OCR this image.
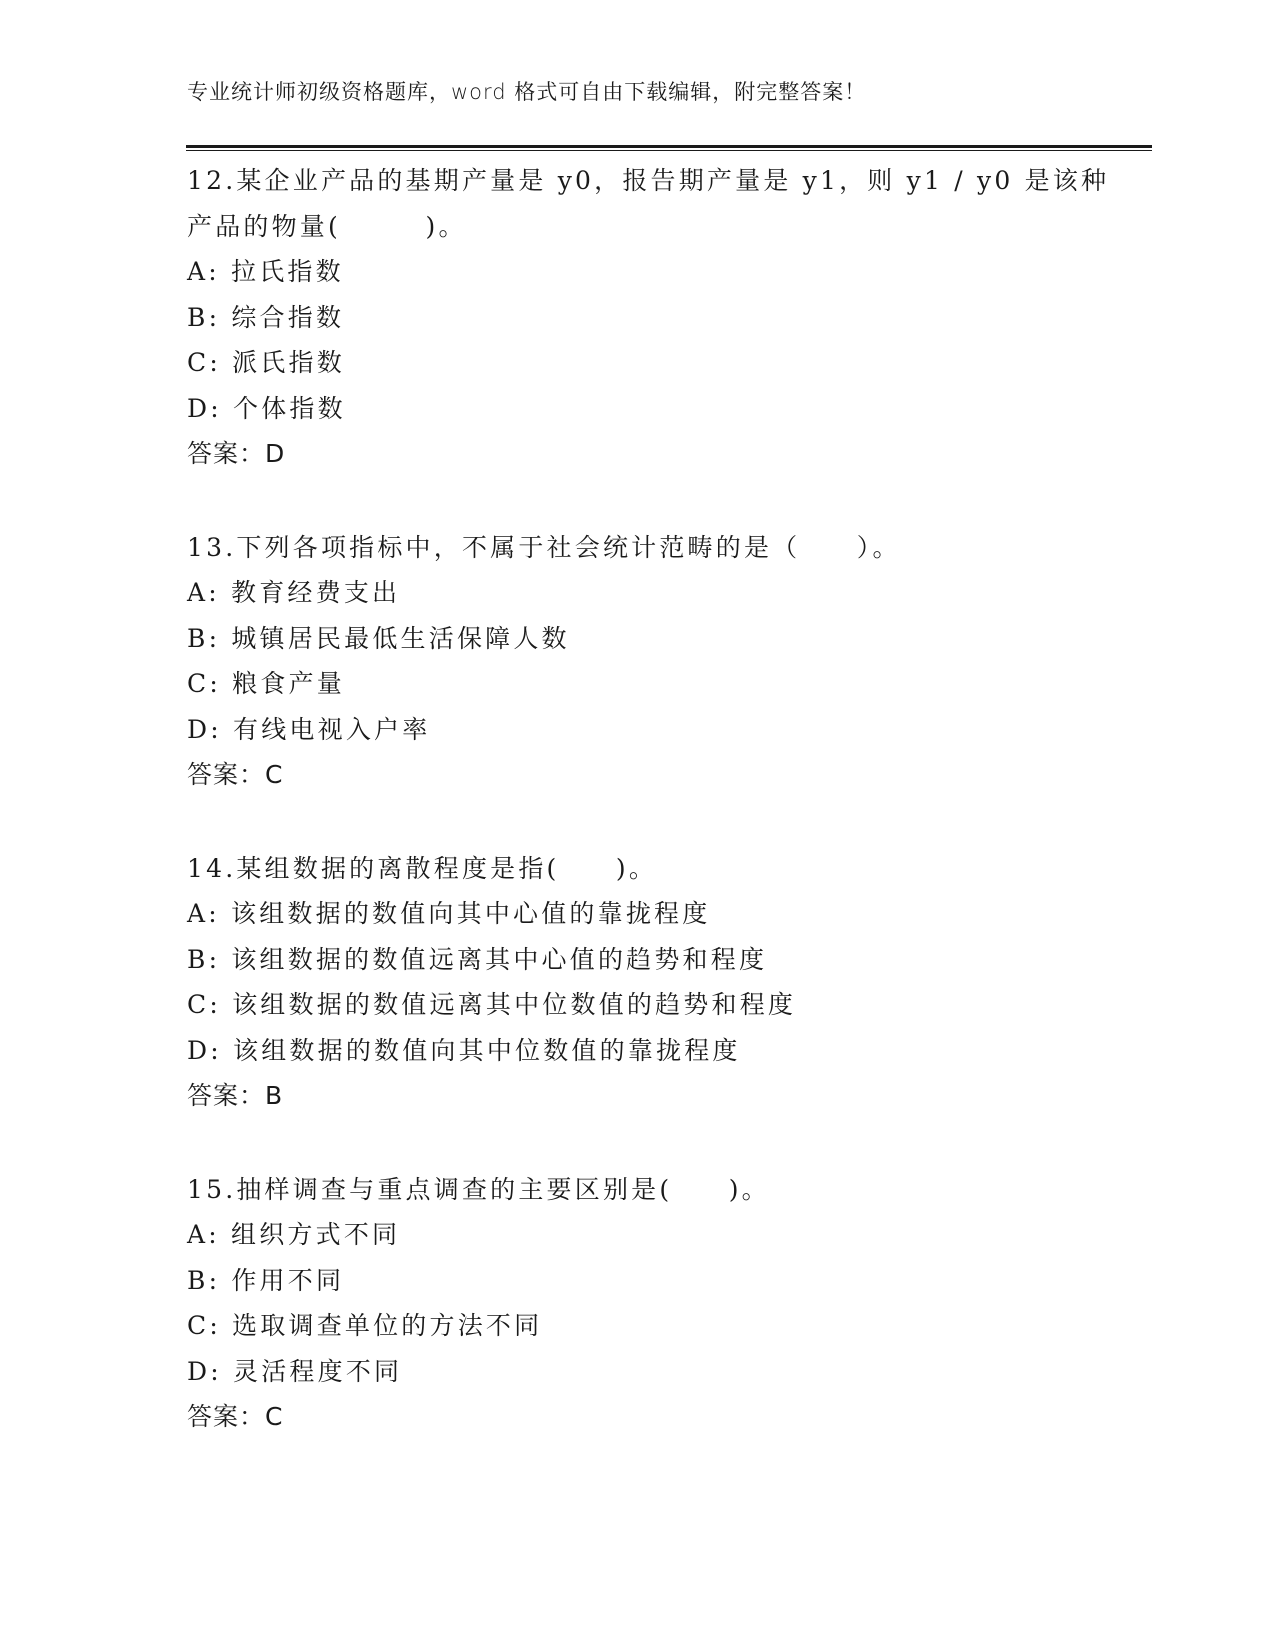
专业统计师初级资格题库，word 格式可自由下载编辑，附完整答案！
12.某企业产品的基期产量是 y0，报告期产量是 y1，则 y1 / y0 是该种
产品的物量(　　　)。
A: 拉氏指数
B: 综合指数
C: 派氏指数
D: 个体指数
答案：D
13.下列各项指标中，不属于社会统计范畴的是（　　）。
A: 教育经费支出
B: 城镇居民最低生活保障人数
C: 粮食产量
D: 有线电视入户率
答案：C
14.某组数据的离散程度是指(　　)。
A: 该组数据的数值向其中心值的靠拢程度
B: 该组数据的数值远离其中心值的趋势和程度
C: 该组数据的数值远离其中位数值的趋势和程度
D: 该组数据的数值向其中位数值的靠拢程度
答案：B
15.抽样调查与重点调查的主要区别是(　　)。
A: 组织方式不同
B: 作用不同
C: 选取调查单位的方法不同
D: 灵活程度不同
答案：C
